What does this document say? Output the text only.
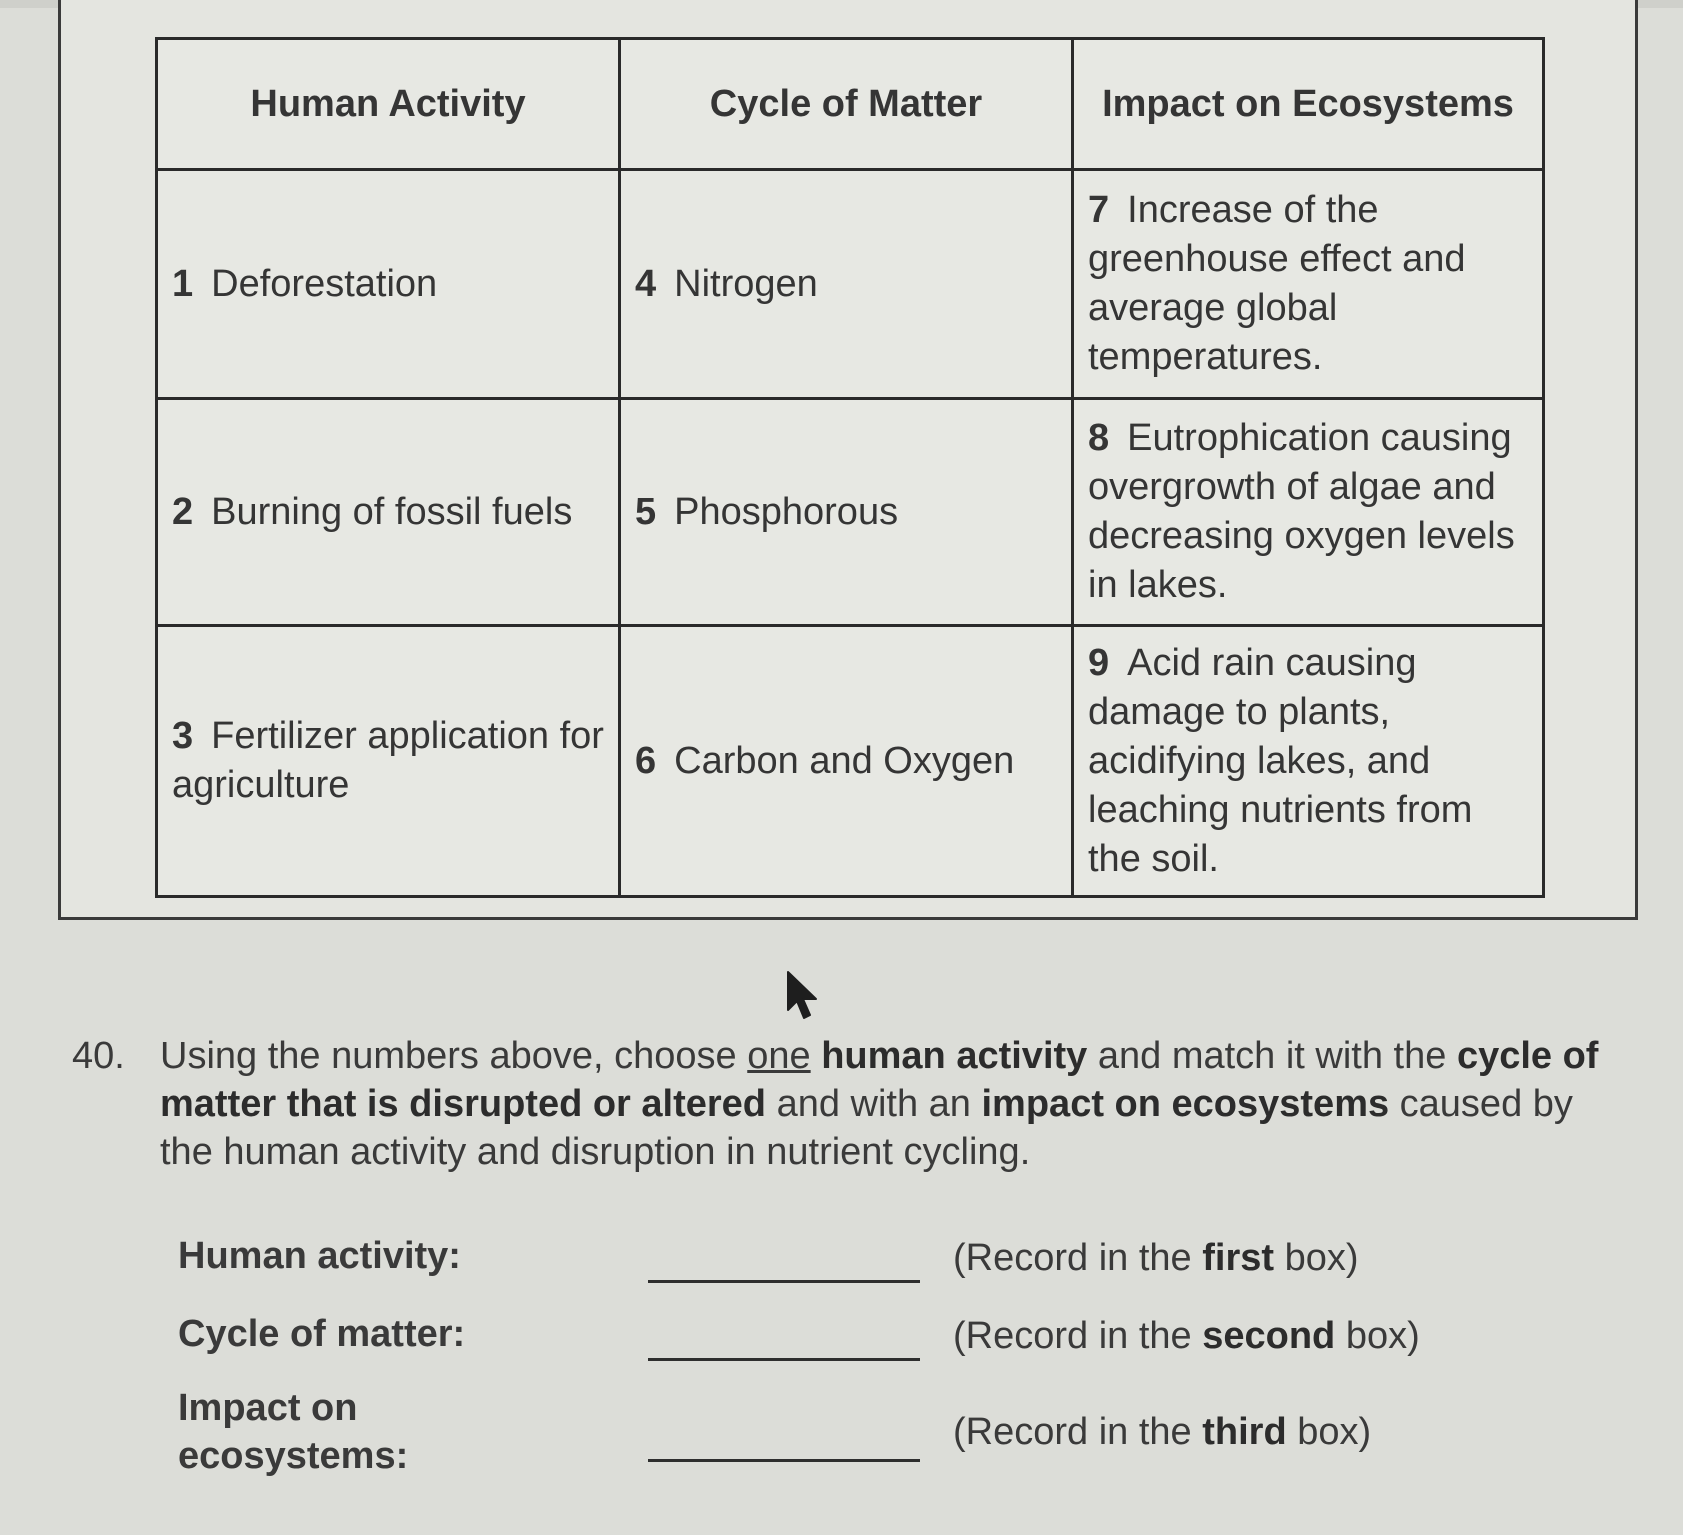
Human Activity	Cycle of Matter	Impact on Ecosystems
1 Deforestation	4 Nitrogen	7 Increase of the greenhouse effect and average global temperatures.
2 Burning of fossil fuels	5 Phosphorous	8 Eutrophication causing overgrowth of algae and decreasing oxygen levels in lakes.
3 Fertilizer application for agriculture	6 Carbon and Oxygen	9 Acid rain causing damage to plants, acidifying lakes, and leaching nutrients from the soil.
40. Using the numbers above, choose one human activity and match it with the cycle of matter that is disrupted or altered and with an impact on ecosystems caused by the human activity and disruption in nutrient cycling.
Human activity:	(Record in the first box)
Cycle of matter:	(Record in the second box)
Impact on ecosystems:
(Record in the third box)
